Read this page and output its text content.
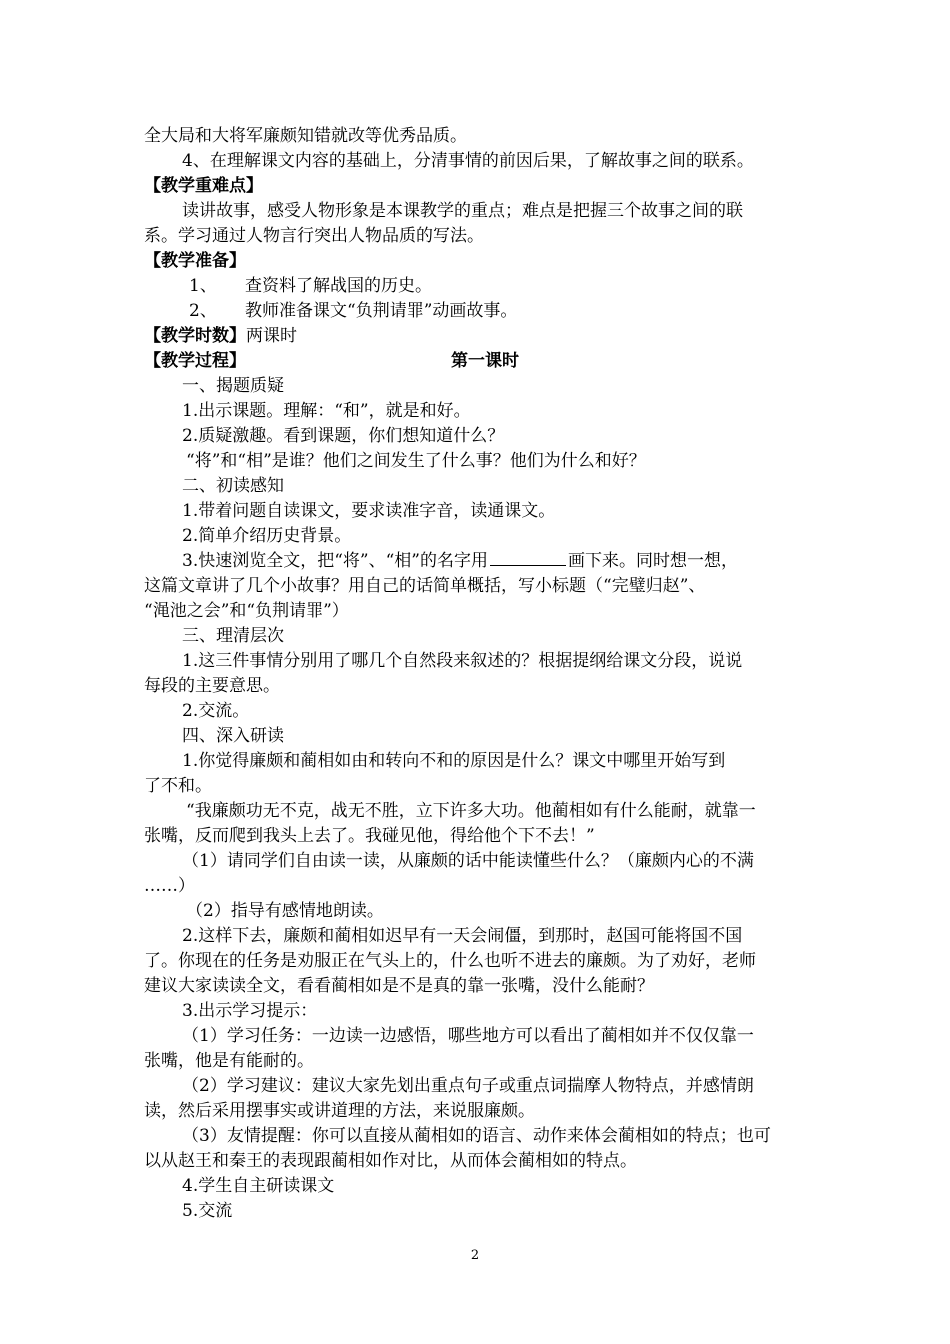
全大局和大将军廉颇知错就改等优秀品质。
4、在理解课文内容的基础上，分清事情的前因后果，了解故事之间的联系。
【教学重难点】
读讲故事，感受人物形象是本课教学的重点；难点是把握三个故事之间的联
系。学习通过人物言行突出人物品质的写法。
【教学准备】
1、 查资料了解战国的历史。
2、 教师准备课文“负荆请罪”动画故事。
【教学时数】两课时
【教学过程】	第一课时
一、揭题质疑
1.出示课题。理解：“和”，就是和好。
2.质疑激趣。看到课题，你们想知道什么？
“将”和“相”是谁？他们之间发生了什么事？他们为什么和好？
二、初读感知
1.带着问题自读课文，要求读准字音，读通课文。
2.简单介绍历史背景。
3.快速浏览全文，把“将”、“相”的名字用	画下来。同时想一想，
这篇文章讲了几个小故事？用自己的话简单概括，写小标题（“完璧归赵”、
“渑池之会”和“负荆请罪”）
三、理清层次
1.这三件事情分别用了哪几个自然段来叙述的？根据提纲给课文分段，说说
每段的主要意思。
2.交流。
四、深入研读
1.你觉得廉颇和蔺相如由和转向不和的原因是什么？课文中哪里开始写到
了不和。
“我廉颇功无不克，战无不胜，立下许多大功。他蔺相如有什么能耐，就靠一
张嘴，反而爬到我头上去了。我碰见他，得给他个下不去！”
（1）请同学们自由读一读，从廉颇的话中能读懂些什么？（廉颇内心的不满
……）
（2）指导有感情地朗读。
2.这样下去，廉颇和蔺相如迟早有一天会闹僵，到那时，赵国可能将国不国
了。你现在的任务是劝服正在气头上的，什么也听不进去的廉颇。为了劝好，老师
建议大家读读全文，看看蔺相如是不是真的靠一张嘴，没什么能耐？
3.出示学习提示：
（1）学习任务：一边读一边感悟，哪些地方可以看出了蔺相如并不仅仅靠一
张嘴，他是有能耐的。
（2）学习建议：建议大家先划出重点句子或重点词揣摩人物特点，并感情朗
读，然后采用摆事实或讲道理的方法，来说服廉颇。
（3）友情提醒：你可以直接从蔺相如的语言、动作来体会蔺相如的特点；也可
以从赵王和秦王的表现跟蔺相如作对比，从而体会蔺相如的特点。
4.学生自主研读课文
5.交流
2
